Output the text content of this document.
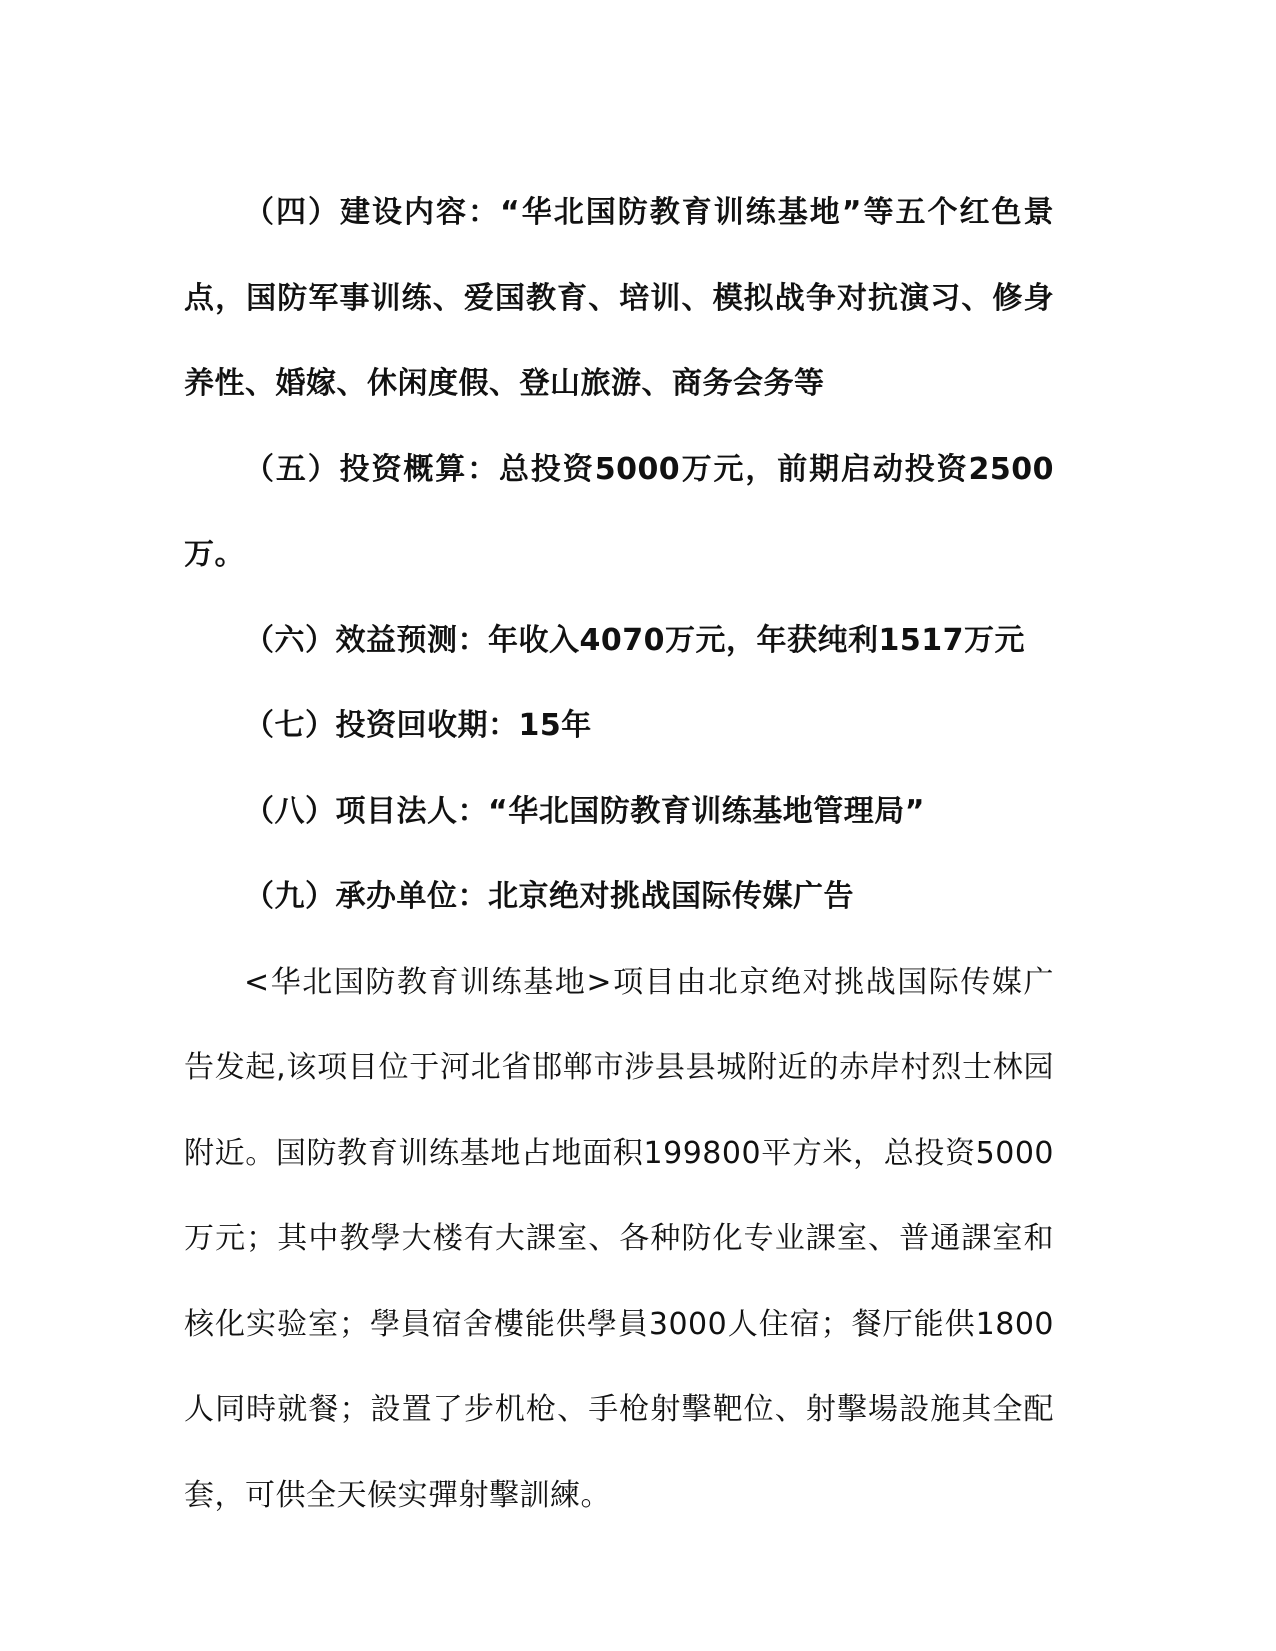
（四）建设内容：“华北国防教育训练基地”等五个红色景点，国防军事训练、爱国教育、培训、模拟战争对抗演习、修身养性、婚嫁、休闲度假、登山旅游、商务会务等

（五）投资概算：总投资5000万元，前期启动投资2500万。

（六）效益预测：年收入4070万元，年获纯利1517万元

（七）投资回收期：15年

（八）项目法人：“华北国防教育训练基地管理局”

（九）承办单位：北京绝对挑战国际传媒广告

<华北国防教育训练基地>项目由北京绝对挑战国际传媒广告发起,该项目位于河北省邯郸市涉县县城附近的赤岸村烈士林园附近。国防教育训练基地占地面积199800平方米，总投资5000 万元；其中教學大楼有大課室、各种防化专业課室、普通課室和核化实验室；學員宿舍樓能供學員3000人住宿；餐厅能供1800人同時就餐；設置了步机枪、手枪射擊靶位、射擊場設施其全配套，可供全天候实彈射擊訓練。
